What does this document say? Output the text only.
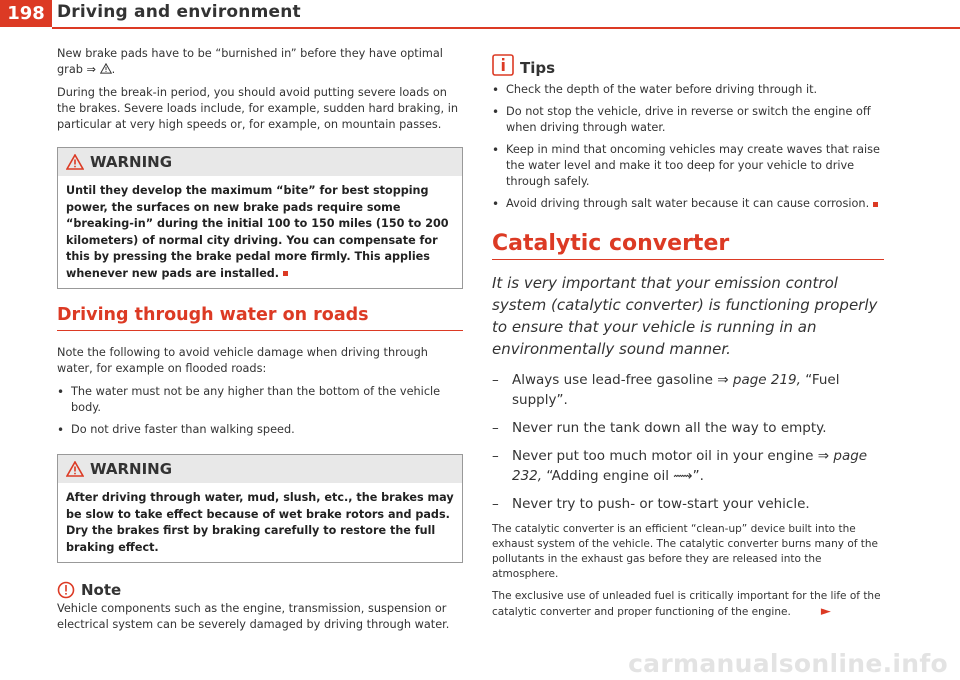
198 Driving and environment

New brake pads have to be “burnished in” before they have optimal grab ⇒ .

During the break-in period, you should avoid putting severe loads on the brakes. Severe loads include, for example, sudden hard braking, in particular at very high speeds or, for example, on mountain passes.

WARNING
Until they develop the maximum “bite” for best stopping power, the surfaces on new brake pads require some “breaking-in” during the initial 100 to 150 miles (150 to 200 kilometers) of normal city driving. You can compensate for this by pressing the brake pedal more firmly. This applies whenever new pads are installed.
Driving through water on roads

Note the following to avoid vehicle damage when driving through water, for example on flooded roads:

• The water must not be any higher than the bottom of the vehicle body.
• Do not drive faster than walking speed.
WARNING
After driving through water, mud, slush, etc., the brakes may be slow to take effect because of wet brake rotors and pads. Dry the brakes first by braking carefully to restore the full braking effect.
Note

Vehicle components such as the engine, transmission, suspension or electrical system can be severely damaged by driving through water.

Tips
• Check the depth of the water before driving through it.
• Do not stop the vehicle, drive in reverse or switch the engine off when driving through water.
• Keep in mind that oncoming vehicles may create waves that raise the water level and make it too deep for your vehicle to drive through safely.
• Avoid driving through salt water because it can cause corrosion.
Catalytic converter

It is very important that your emission control system (catalytic converter) is functioning properly to ensure that your vehicle is running in an environmentally sound manner.

– Always use lead-free gasoline ⇒ page 219, “Fuel supply”.
– Never run the tank down all the way to empty.
– Never put too much motor oil in your engine ⇒ page 232, “Adding engine oil ⟿”.
– Never try to push- or tow-start your vehicle.

The catalytic converter is an efficient “clean-up” device built into the exhaust system of the vehicle. The catalytic converter burns many of the pollutants in the exhaust gas before they are released into the atmosphere.

The exclusive use of unleaded fuel is critically important for the life of the catalytic converter and proper functioning of the engine. ►

carmanualsonline.info
